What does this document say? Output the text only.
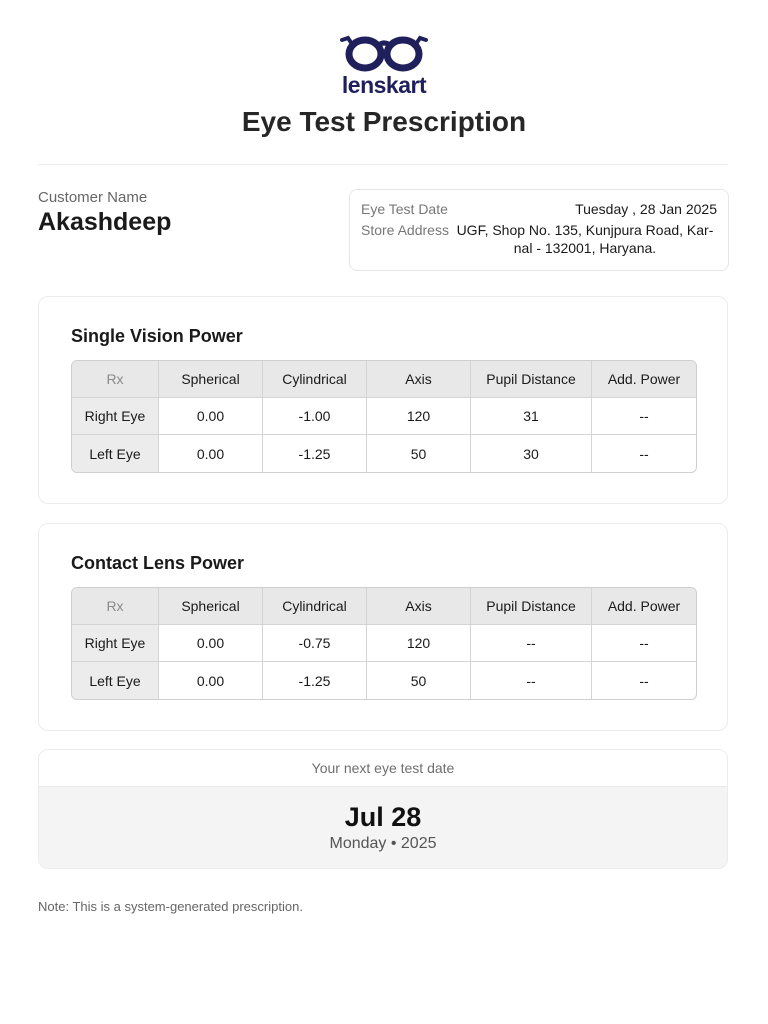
lenskart
Eye Test Prescription
Customer Name
Akashdeep	Eye Test Date	Tuesday , 28 Jan 2025
Store Address UGF, Shop No. 135, Kunjpura Road, Kar-nal - 132001, Haryana.
Single Vision Power
Rx	Spherical	Cylindrical	Axis	Pupil Distance	Add. Power
Right Eye	0.00	-1.00	120	31	--
Left Eye	0.00	-1.25	50	30	--
Contact Lens Power
Rx	Spherical	Cylindrical	Axis	Pupil Distance	Add. Power
Right Eye	0.00	-0.75	120	--	--
Left Eye	0.00	-1.25	50	--	--
Your next eye test date
Jul 28
Monday • 2025
Note: This is a system-generated prescription.
